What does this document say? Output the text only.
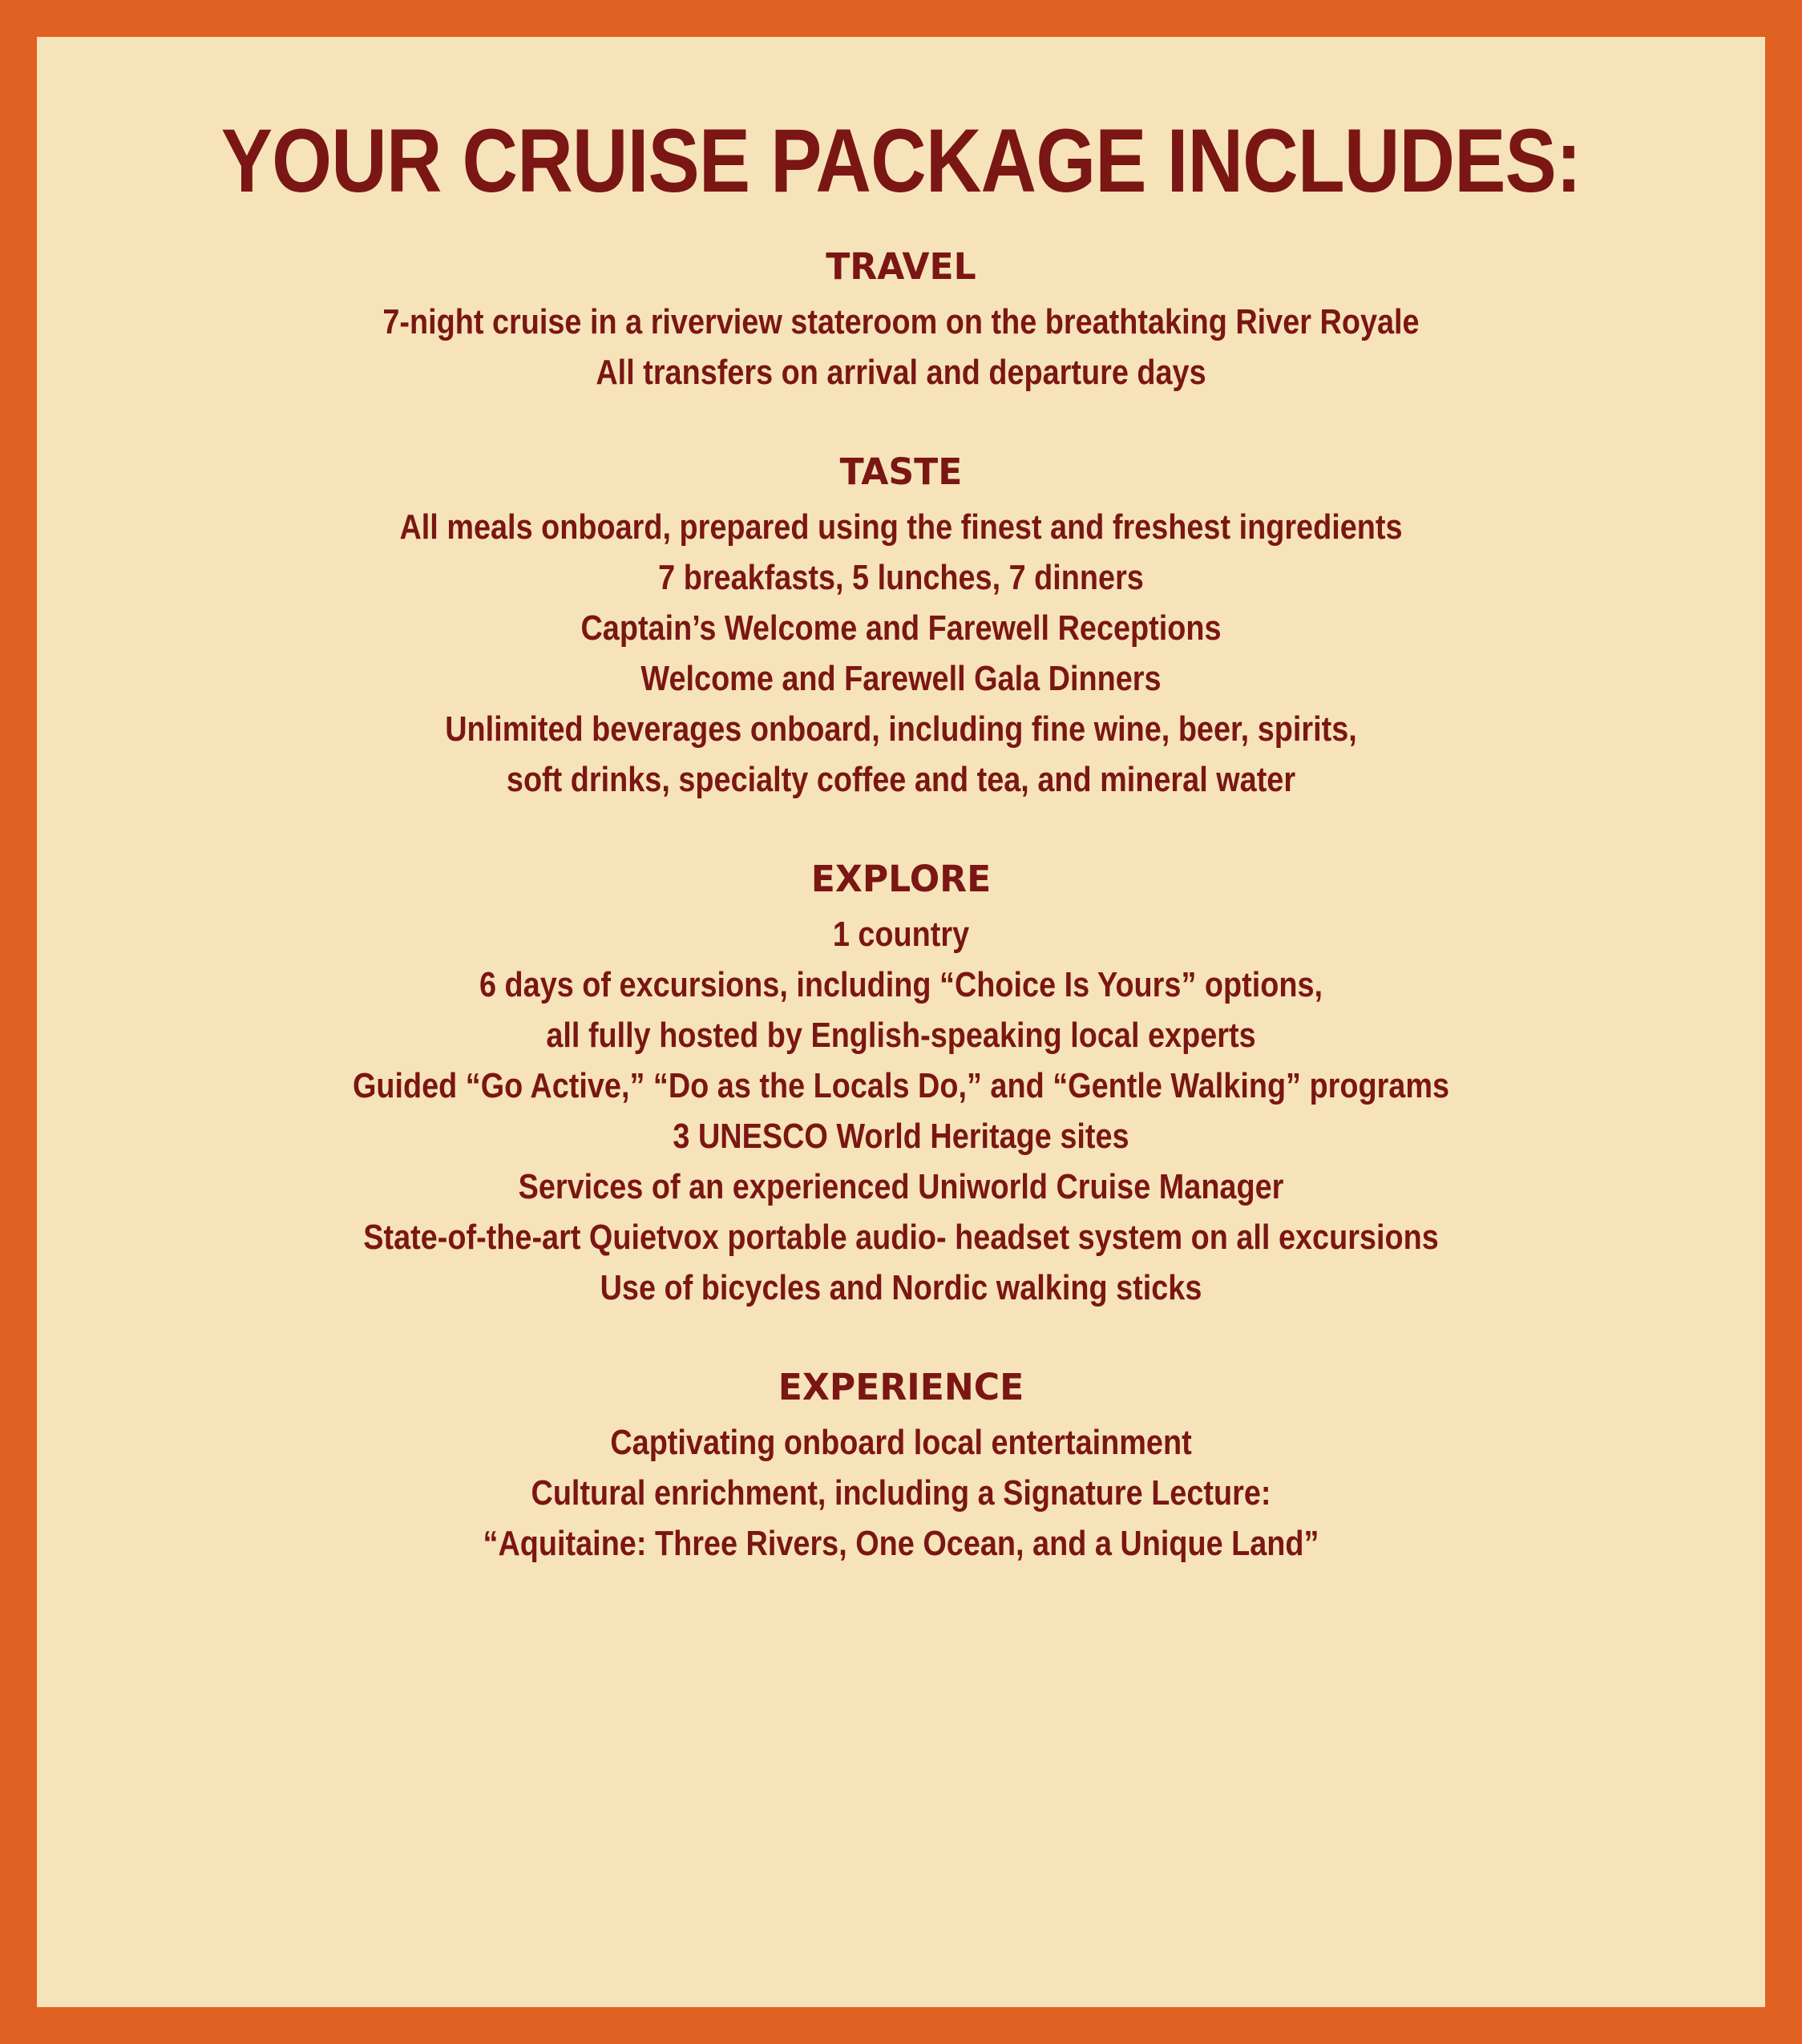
YOUR CRUISE PACKAGE INCLUDES:
TRAVEL
7-night cruise in a riverview stateroom on the breathtaking River Royale
All transfers on arrival and departure days
TASTE
All meals onboard, prepared using the finest and freshest ingredients
7 breakfasts, 5 lunches, 7 dinners
Captain’s Welcome and Farewell Receptions
Welcome and Farewell Gala Dinners
Unlimited beverages onboard, including fine wine, beer, spirits,
soft drinks, specialty coffee and tea, and mineral water
EXPLORE
1 country
6 days of excursions, including “Choice Is Yours” options,
all fully hosted by English-speaking local experts
Guided “Go Active,” “Do as the Locals Do,” and “Gentle Walking” programs
3 UNESCO World Heritage sites
Services of an experienced Uniworld Cruise Manager
State-of-the-art Quietvox portable audio- headset system on all excursions
Use of bicycles and Nordic walking sticks
EXPERIENCE
Captivating onboard local entertainment
Cultural enrichment, including a Signature Lecture:
“Aquitaine: Three Rivers, One Ocean, and a Unique Land”
